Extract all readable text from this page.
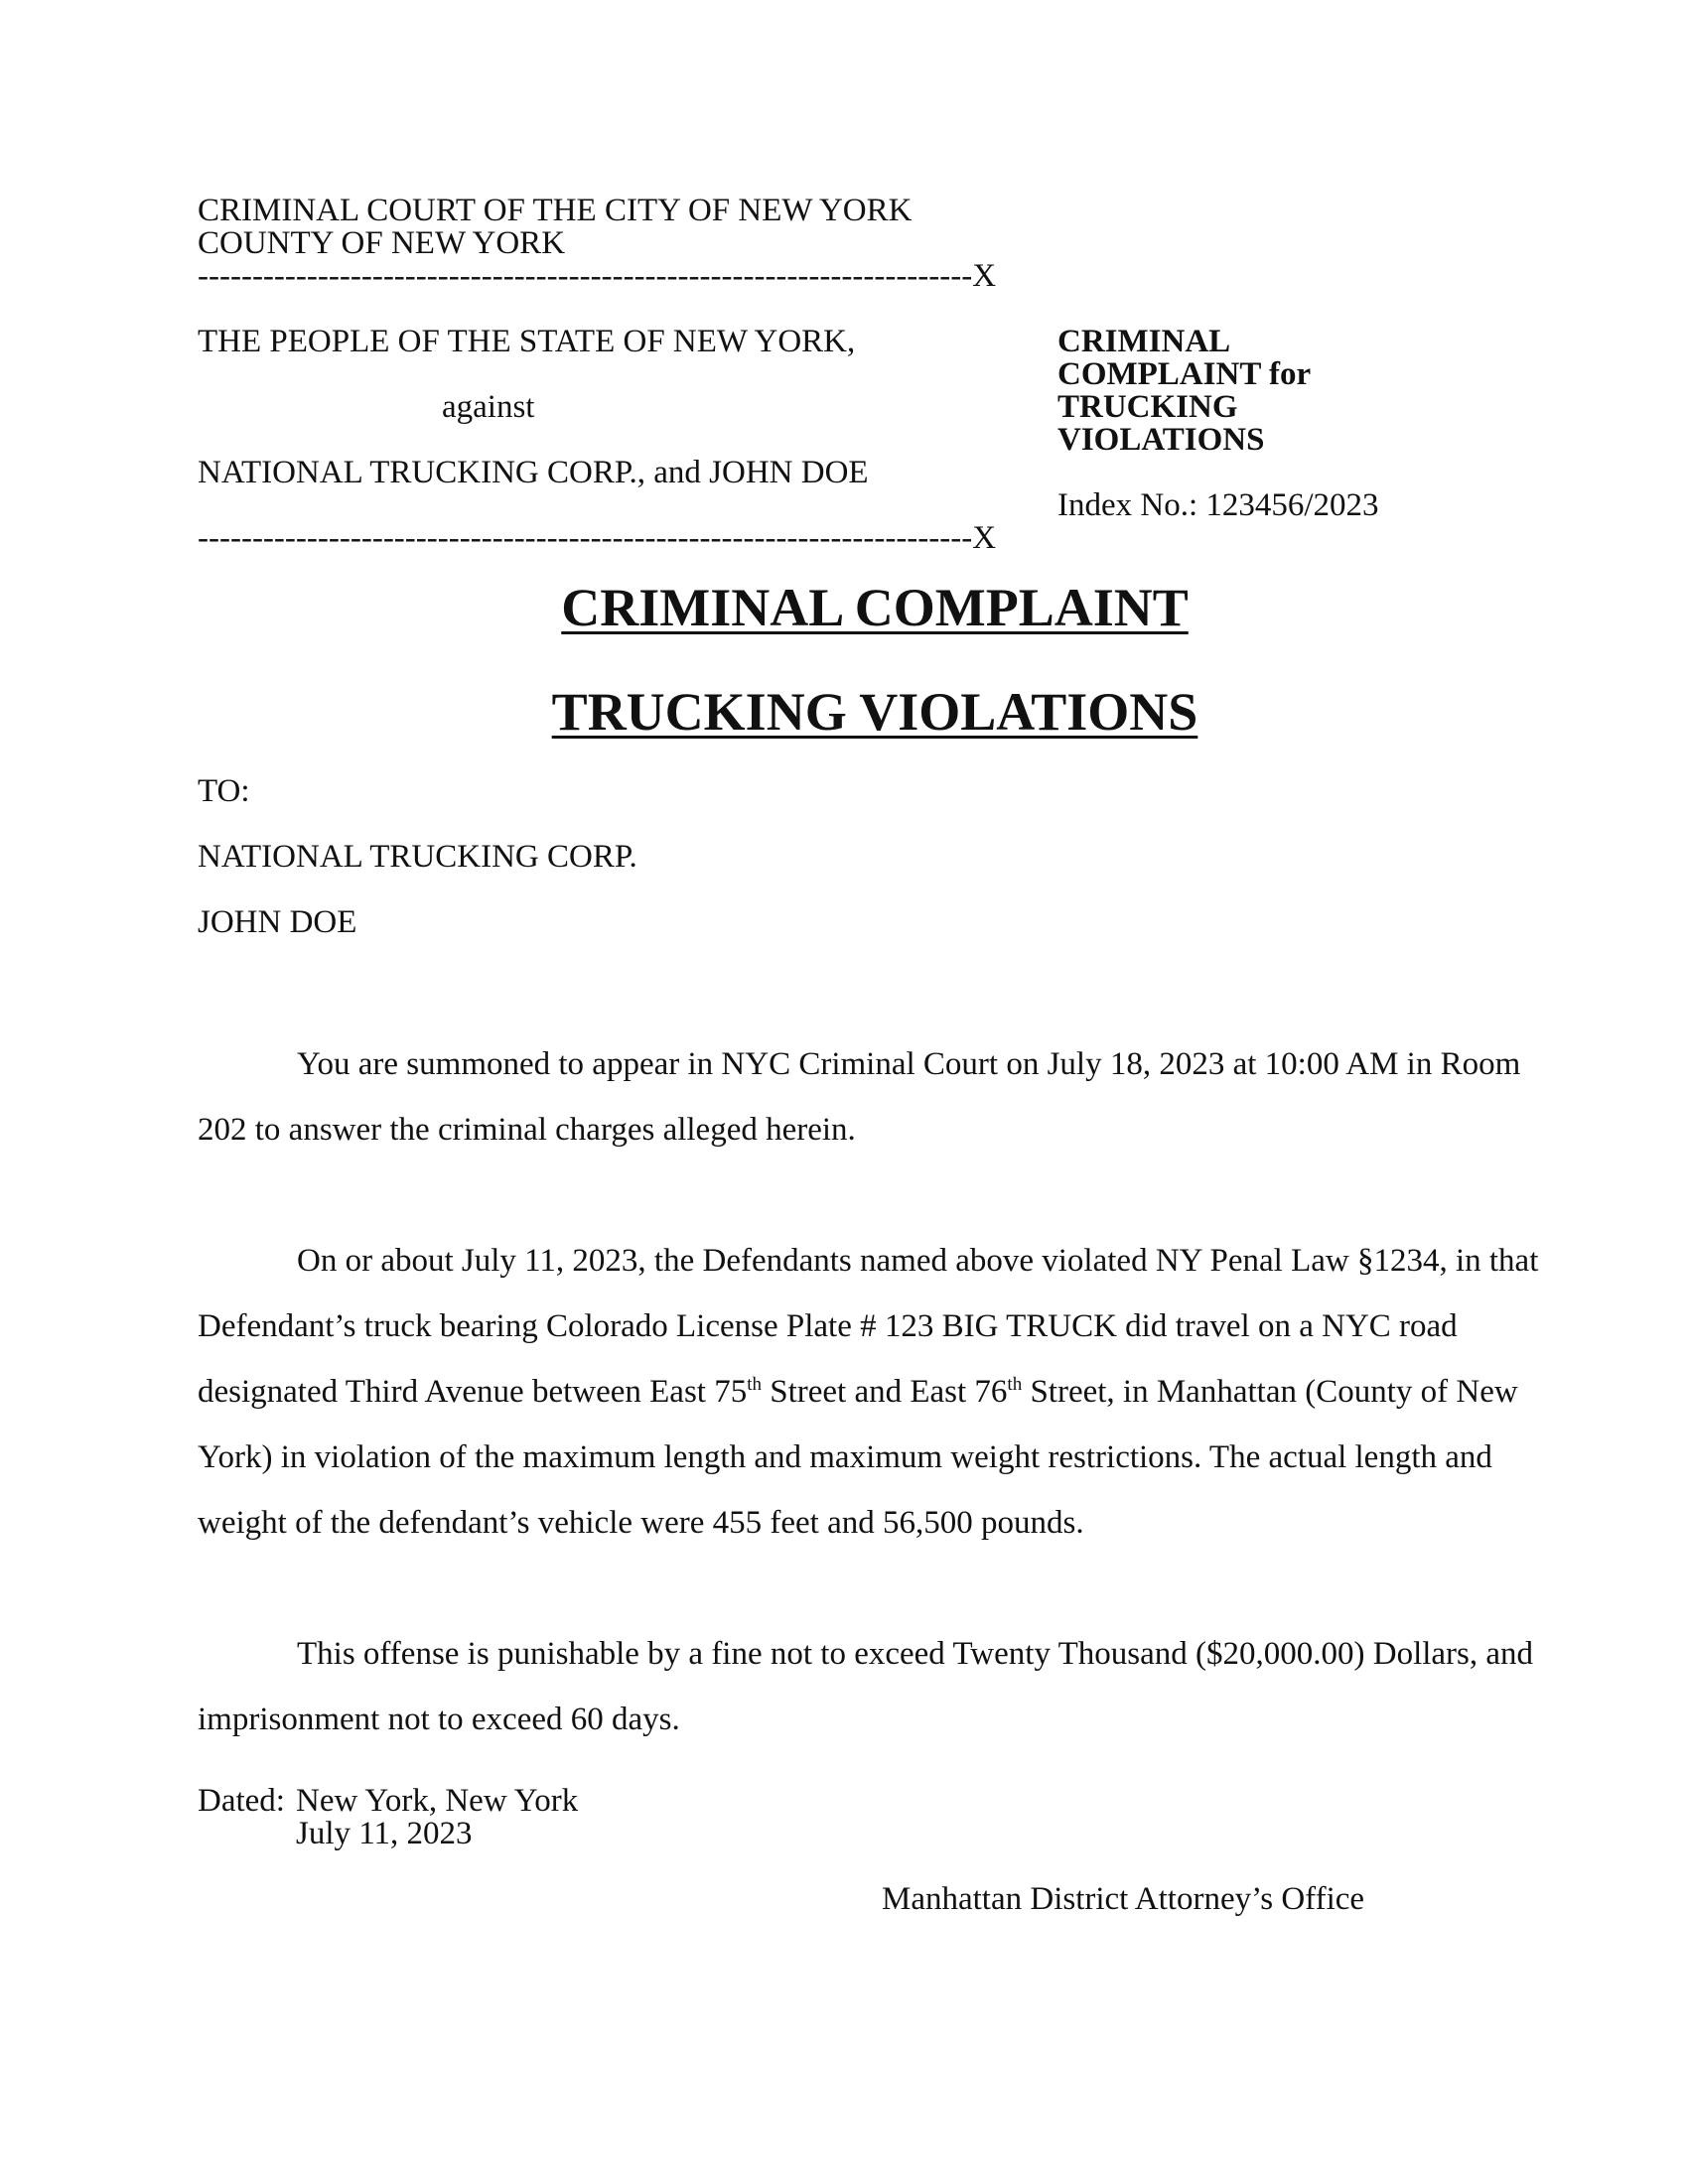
CRIMINAL COURT OF THE CITY OF NEW YORK
COUNTY OF NEW YORK
-----------------------------------------------------------------------X
THE PEOPLE OF THE STATE OF NEW YORK,
against
NATIONAL TRUCKING CORP., and JOHN DOE
-----------------------------------------------------------------------X
CRIMINAL
COMPLAINT for
TRUCKING
VIOLATIONS
Index No.: 123456/2023
CRIMINAL COMPLAINT
TRUCKING VIOLATIONS
TO:
NATIONAL TRUCKING CORP.
JOHN DOE
You are summoned to appear in NYC Criminal Court on July 18, 2023 at 10:00 AM in Room 202 to answer the criminal charges alleged herein.
On or about July 11, 2023, the Defendants named above violated NY Penal Law §1234, in that Defendant’s truck bearing Colorado License Plate # 123 BIG TRUCK did travel on a NYC road designated Third Avenue between East 75th Street and East 76th Street, in Manhattan (County of New York) in violation of the maximum length and maximum weight restrictions. The actual length and weight of the defendant’s vehicle were 455 feet and 56,500 pounds.
This offense is punishable by a fine not to exceed Twenty Thousand ($20,000.00) Dollars, and imprisonment not to exceed 60 days.
Dated: New York, New York
July 11, 2023
Manhattan District Attorney’s Office
